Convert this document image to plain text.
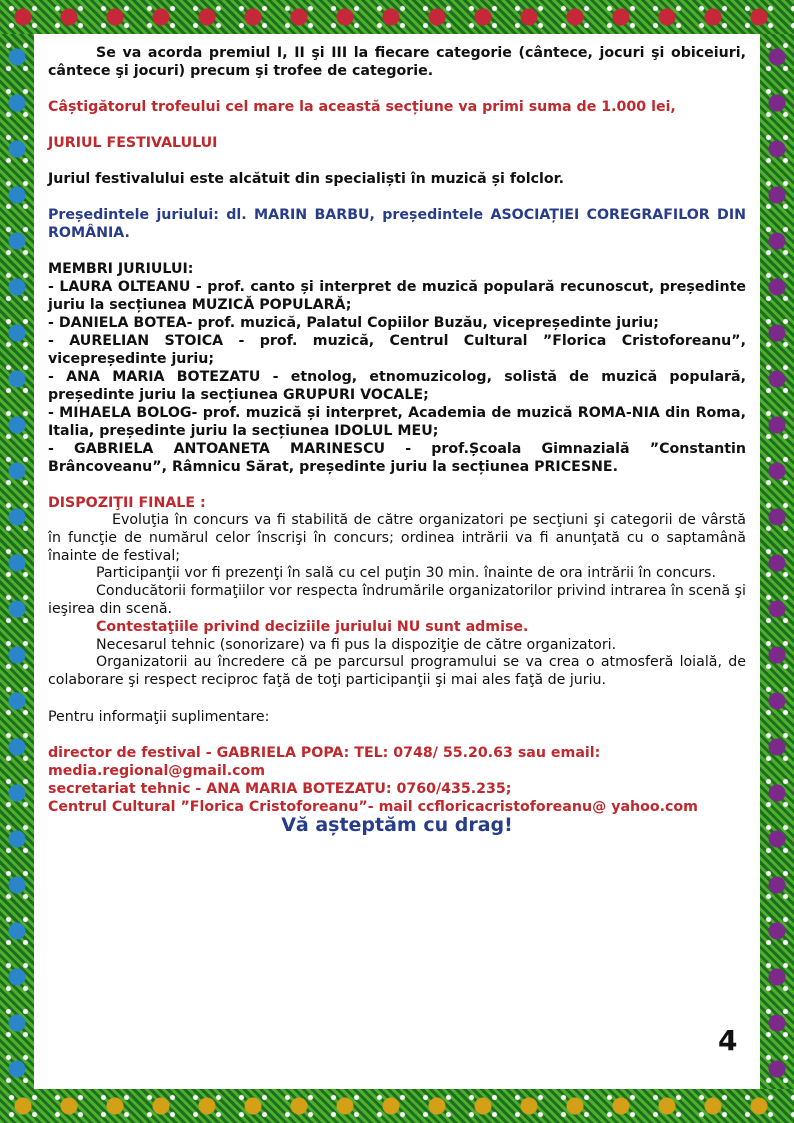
Se va acorda premiul I, II şi III la fiecare categorie (cântece, jocuri şi obiceiuri, cântece şi jocuri) precum şi trofee de categorie.

Câștigătorul trofeului cel mare la această secțiune va primi suma de 1.000 lei,

JURIUL FESTIVALULUI

Juriul festivalului este alcătuit din specialiști în muzică și folclor.

Președintele juriului: dl. MARIN BARBU, președintele ASOCIAȚIEI COREGRAFILOR DIN ROMÂNIA.

MEMBRI JURIULUI:

- LAURA OLTEANU - prof. canto și interpret de muzică populară recunoscut, președinte juriu la secțiunea MUZICĂ POPULARĂ;

- DANIELA BOTEA- prof. muzică, Palatul Copiilor Buzău, vicepreședinte juriu;

- AURELIAN STOICA - prof. muzică, Centrul Cultural ”Florica Cristoforeanu”, vicepreședinte juriu;

- ANA MARIA BOTEZATU - etnolog, etnomuzicolog, solistă de muzică populară, președinte juriu la secțiunea GRUPURI VOCALE;

- MIHAELA BOLOG- prof. muzică și interpret, Academia de muzică ROMA-NIA din Roma, Italia, președinte juriu la secțiunea IDOLUL MEU;

- GABRIELA ANTOANETA MARINESCU - prof.Școala Gimnazială ”Constantin Brâncoveanu”, Râmnicu Sărat, președinte juriu la secțiunea PRICESNE.

DISPOZIŢII FINALE :

Evoluţia în concurs va fi stabilită de către organizatori pe secţiuni şi categorii de vârstă în funcţie de numărul celor înscrişi în concurs; ordinea intrării va fi anunţată cu o saptamână înainte de festival;

Participanţii vor fi prezenţi în sală cu cel puţin 30 min. înainte de ora intrării în concurs.

Conducătorii formaţiilor vor respecta îndrumările organizatorilor privind intrarea în scenă şi ieşirea din scenă.

Contestaţiile privind deciziile juriului NU sunt admise.

Necesarul tehnic (sonorizare) va fi pus la dispoziţie de către organizatori.

Organizatorii au încredere că pe parcursul programului se va crea o atmosferă loială, de colaborare şi respect reciproc faţă de toţi participanţii şi mai ales faţă de juriu.

Pentru informaţii suplimentare:

director de festival - GABRIELA POPA: TEL: 0748/ 55.20.63 sau email: media.regional@gmail.com

secretariat tehnic - ANA MARIA BOTEZATU: 0760/435.235;

Centrul Cultural ”Florica Cristoforeanu”- mail ccfloricacristoforeanu@ yahoo.com

Vă așteptăm cu drag!

4
